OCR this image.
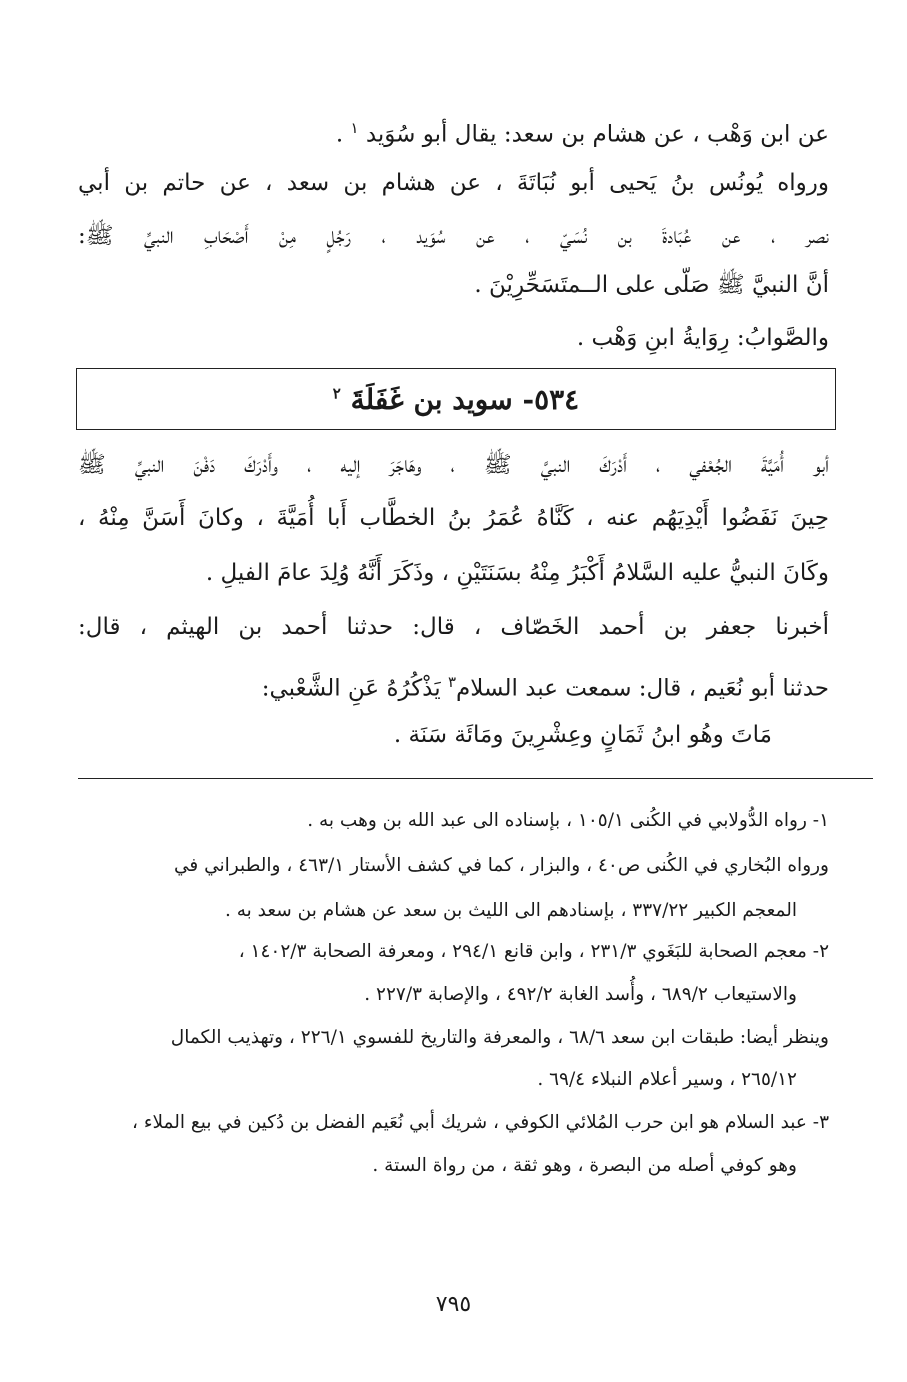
عن ابن وَهْب ، عن هشام بن سعد: يقال أبو سُوَيد $^١$ .
ورواه يُونُس بنُ يَحيى أبو نُبَاتَةَ ، عن هشام بن سعد ، عن حاتم بن أبي
نصر ، عن عُبَادةَ بن نُسَيّ ، عن سُوَيد ، رَجُلٍ مِنْ أَصْحَابِ النبيِّ ﷺ:
أنَّ النبيَّ ﷺ صَلّى على الــمتَسَحِّرِيْنَ .
والصَّوابُ: رِوَايةُ ابنِ وَهْب .
٥٣٤- سويد بن غَفَلَةَ $^٢$
أبو أُمَيَّةَ الجُعْفي ، أَدْرَكَ النبيَّ ﷺ ، وهَاجَرَ إليه ، وأَدْرَكَ دَفْنَ النبيِّ ﷺ
حِينَ نَفَضُوا أَيْدِيَهُم عنه ، كَنَّاهُ عُمَرُ بنُ الخطَّاب أَبا أُمَيَّةَ ، وكانَ أَسَنَّ مِنْهُ ،
وكَانَ النبيُّ عليه السَّلامُ أَكْبَرُ مِنْهُ بسَنَتَيْنِ ، وذَكَرَ أَنَّهُ وُلِدَ عامَ الفيلِ .
أخبرنا جعفر بن أحمد الخَصّاف ، قال: حدثنا أحمد بن الهيثم ، قال:
حدثنا أبو نُعَيم ، قال: سمعت عبد السلام$^٣$ يَذْكُرُهُ عَنِ الشَّعْبي:
مَاتَ وهُو ابنُ ثَمَانٍ وعِشْرِينَ ومَائَة سَنَة .
١- رواه الدُّولابي في الكُنى ١٠٥/١ ، بإسناده الى عبد الله بن وهب به .
ورواه البُخاري في الكُنى ص٤٠ ، والبزار ، كما في كشف الأستار ٤٦٣/١ ، والطبراني في
المعجم الكبير ٣٣٧/٢٢ ، بإسنادهم الى الليث بن سعد عن هشام بن سعد به .
٢- معجم الصحابة للبَغَوي ٢٣١/٣ ، وابن قانع ٢٩٤/١ ، ومعرفة الصحابة ١٤٠٢/٣ ،
والاستيعاب ٦٨٩/٢ ، وأُسد الغابة ٤٩٢/٢ ، والإصابة ٢٢٧/٣ .
وينظر أيضا: طبقات ابن سعد ٦٨/٦ ، والمعرفة والتاريخ للفسوي ٢٢٦/١ ، وتهذيب الكمال
٢٦٥/١٢ ، وسير أعلام النبلاء ٦٩/٤ .
٣- عبد السلام هو ابن حرب المُلائي الكوفي ، شريك أبي نُعَيم الفضل بن دُكين في بيع الملاء ،
وهو كوفي أصله من البصرة ، وهو ثقة ، من رواة الستة .
٧٩٥
